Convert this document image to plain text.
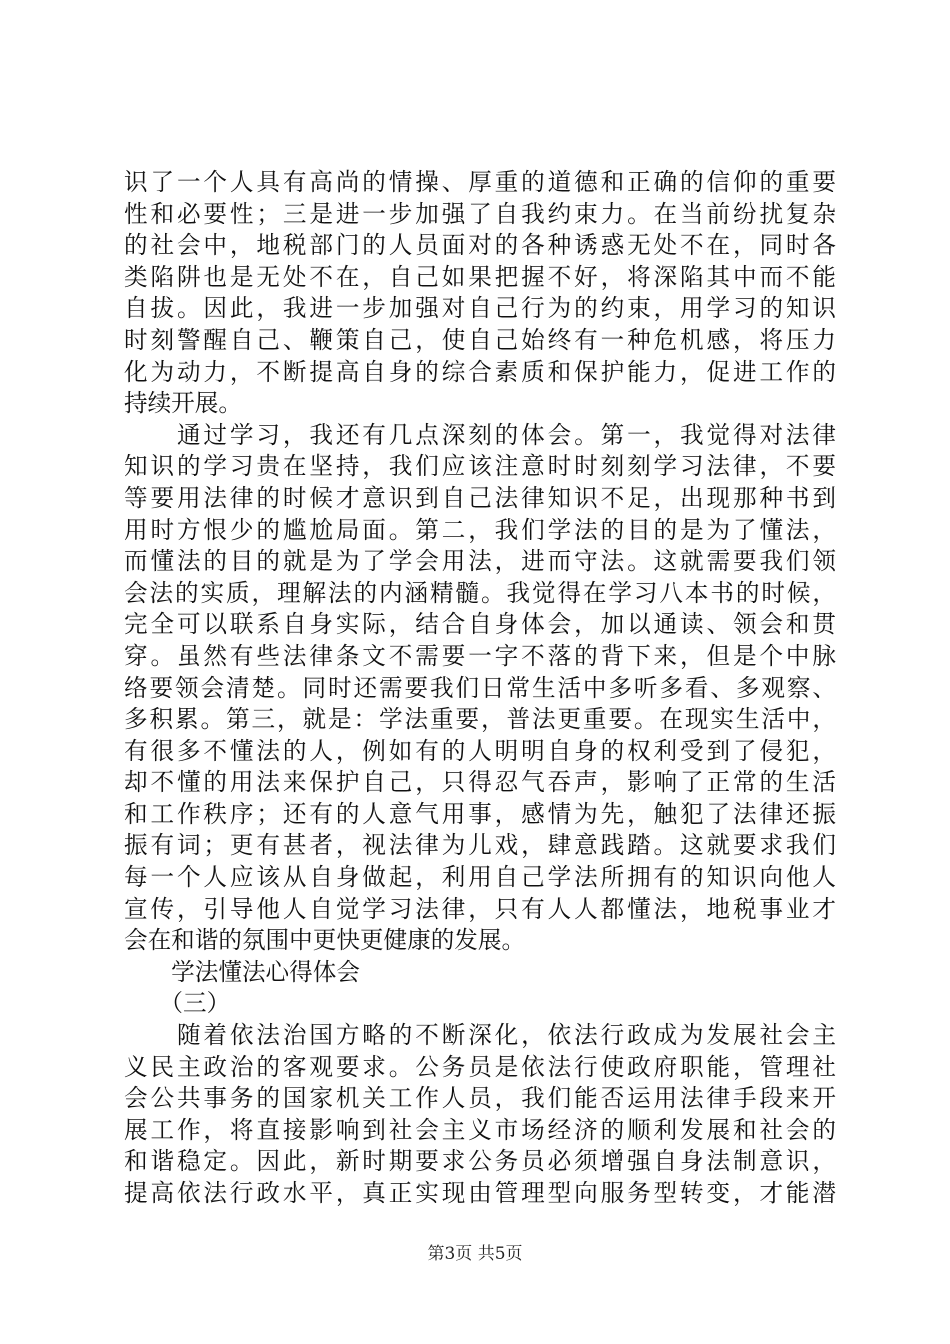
识了一个人具有高尚的情操、厚重的道德和正确的信仰的重要
性和必要性；三是进一步加强了自我约束力。在当前纷扰复杂
的社会中，地税部门的人员面对的各种诱惑无处不在，同时各
类陷阱也是无处不在，自己如果把握不好，将深陷其中而不能
自拔。因此，我进一步加强对自己行为的约束，用学习的知识
时刻警醒自己、鞭策自己，使自己始终有一种危机感，将压力
化为动力，不断提高自身的综合素质和保护能力，促进工作的
持续开展。
　　通过学习，我还有几点深刻的体会。第一，我觉得对法律
知识的学习贵在坚持，我们应该注意时时刻刻学习法律，不要
等要用法律的时候才意识到自己法律知识不足，出现那种书到
用时方恨少的尴尬局面。第二，我们学法的目的是为了懂法，
而懂法的目的就是为了学会用法，进而守法。这就需要我们领
会法的实质，理解法的内涵精髓。我觉得在学习八本书的时候，
完全可以联系自身实际，结合自身体会，加以通读、领会和贯
穿。虽然有些法律条文不需要一字不落的背下来，但是个中脉
络要领会清楚。同时还需要我们日常生活中多听多看、多观察、
多积累。第三，就是：学法重要，普法更重要。在现实生活中，
有很多不懂法的人，例如有的人明明自身的权利受到了侵犯，
却不懂的用法来保护自己，只得忍气吞声，影响了正常的生活
和工作秩序；还有的人意气用事，感情为先，触犯了法律还振
振有词；更有甚者，视法律为儿戏，肆意践踏。这就要求我们
每一个人应该从自身做起，利用自己学法所拥有的知识向他人
宣传，引导他人自觉学习法律，只有人人都懂法，地税事业才
会在和谐的氛围中更快更健康的发展。
　　学法懂法心得体会
　　（三）
　　随着依法治国方略的不断深化，依法行政成为发展社会主
义民主政治的客观要求。公务员是依法行使政府职能，管理社
会公共事务的国家机关工作人员，我们能否运用法律手段来开
展工作，将直接影响到社会主义市场经济的顺利发展和社会的
和谐稳定。因此，新时期要求公务员必须增强自身法制意识，
提高依法行政水平，真正实现由管理型向服务型转变，才能潜
第3页 共5页
